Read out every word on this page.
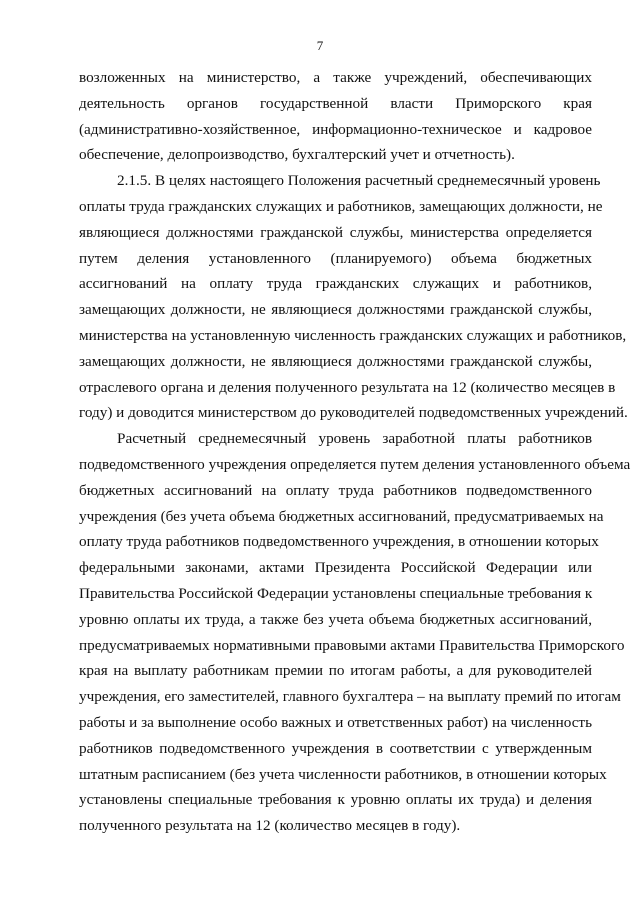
7

возложенных на министерство, а также учреждений, обеспечивающих
деятельность органов государственной власти Приморского края
(административно-хозяйственное, информационно-техническое и кадровое
обеспечение, делопроизводство, бухгалтерский учет и отчетность).

2.1.5. В целях настоящего Положения расчетный среднемесячный уровень
оплаты труда гражданских служащих и работников, замещающих должности, не
являющиеся должностями гражданской службы, министерства определяется
путем деления установленного (планируемого) объема бюджетных
ассигнований на оплату труда гражданских служащих и работников,
замещающих должности, не являющиеся должностями гражданской службы,
министерства на установленную численность гражданских служащих и работников,
замещающих должности, не являющиеся должностями гражданской службы,
отраслевого органа и деления полученного результата на 12 (количество месяцев в
году) и доводится министерством до руководителей подведомственных учреждений.

Расчетный среднемесячный уровень заработной платы работников
подведомственного учреждения определяется путем деления установленного объема
бюджетных ассигнований на оплату труда работников подведомственного
учреждения (без учета объема бюджетных ассигнований, предусматриваемых на
оплату труда работников подведомственного учреждения, в отношении которых
федеральными законами, актами Президента Российской Федерации или
Правительства Российской Федерации установлены специальные требования к
уровню оплаты их труда, а также без учета объема бюджетных ассигнований,
предусматриваемых нормативными правовыми актами Правительства Приморского
края на выплату работникам премии по итогам работы, а для руководителей
учреждения, его заместителей, главного бухгалтера – на выплату премий по итогам
работы и за выполнение особо важных и ответственных работ) на численность
работников подведомственного учреждения в соответствии с утвержденным
штатным расписанием (без учета численности работников, в отношении которых
установлены специальные требования к уровню оплаты их труда) и деления
полученного результата на 12 (количество месяцев в году).
